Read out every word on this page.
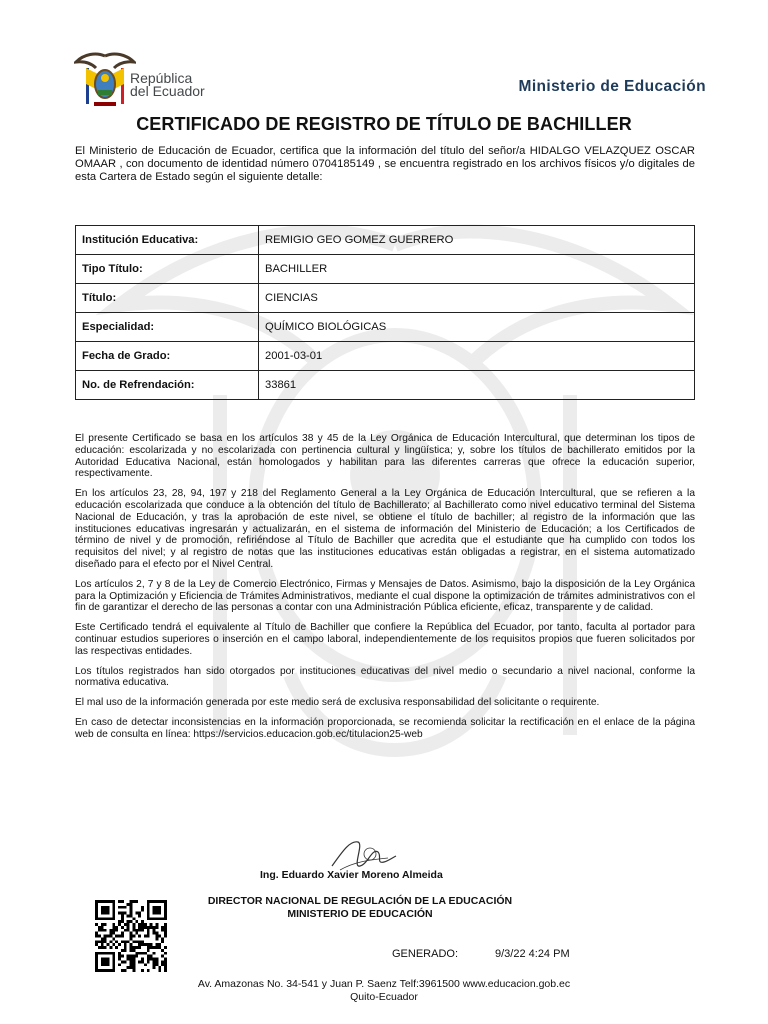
República
del Ecuador	Ministerio de Educación
CERTIFICADO DE REGISTRO DE TÍTULO DE BACHILLER
El Ministerio de Educación de Ecuador, certifica que la información del título del señor/a HIDALGO VELAZQUEZ OSCAR OMAAR , con documento de identidad número 0704185149 , se encuentra registrado en los archivos físicos y/o digitales de esta Cartera de Estado según el siguiente detalle:
Institución Educativa:	REMIGIO GEO GOMEZ GUERRERO
Tipo Título:	BACHILLER
Título:	CIENCIAS
Especialidad:	QUÍMICO BIOLÓGICAS
Fecha de Grado:	2001-03-01
No. de Refrendación:	33861

El presente Certificado se basa en los artículos 38 y 45 de la Ley Orgánica de Educación Intercultural, que determinan los tipos de educación: escolarizada y no escolarizada con pertinencia cultural y lingüística; y, sobre los títulos de bachillerato emitidos por la Autoridad Educativa Nacional, están homologados y habilitan para las diferentes carreras que ofrece la educación superior, respectivamente.

En los artículos 23, 28, 94, 197 y 218 del Reglamento General a la Ley Orgánica de Educación Intercultural, que se refieren a la educación escolarizada que conduce a la obtención del título de Bachillerato; al Bachillerato como nivel educativo terminal del Sistema Nacional de Educación, y tras la aprobación de este nivel, se obtiene el título de bachiller; al registro de la información que las instituciones educativas ingresarán y actualizarán, en el sistema de información del Ministerio de Educación; a los Certificados de término de nivel y de promoción, refiriéndose al Título de Bachiller que acredita que el estudiante que ha cumplido con todos los requisitos del nivel; y al registro de notas que las instituciones educativas están obligadas a registrar, en el sistema automatizado diseñado para el efecto por el Nivel Central.

Los artículos 2, 7 y 8 de la Ley de Comercio Electrónico, Firmas y Mensajes de Datos. Asimismo, bajo la disposición de la Ley Orgánica para la Optimización y Eficiencia de Trámites Administrativos, mediante el cual dispone la optimización de trámites administrativos con el fin de garantizar el derecho de las personas a contar con una Administración Pública eficiente, eficaz, transparente y de calidad.

Este Certificado tendrá el equivalente al Título de Bachiller que confiere la República del Ecuador, por tanto, faculta al portador para continuar estudios superiores o inserción en el campo laboral, independientemente de los requisitos propios que fueren solicitados por las respectivas entidades.

Los títulos registrados han sido otorgados por instituciones educativas del nivel medio o secundario a nivel nacional, conforme la normativa educativa.

El mal uso de la información generada por este medio será de exclusiva responsabilidad del solicitante o requirente.

En caso de detectar inconsistencias en la información proporcionada, se recomienda solicitar la rectificación en el enlace de la página web de consulta en línea: https://servicios.educacion.gob.ec/titulacion25-web

Ing. Eduardo Xavier Moreno Almeida
DIRECTOR NACIONAL DE REGULACIÓN DE LA EDUCACIÓN
MINISTERIO DE EDUCACIÓN
GENERADO:	9/3/22 4:24 PM
Av. Amazonas No. 34-541 y Juan P. Saenz Telf:3961500 www.educacion.gob.ec
Quito-Ecuador
